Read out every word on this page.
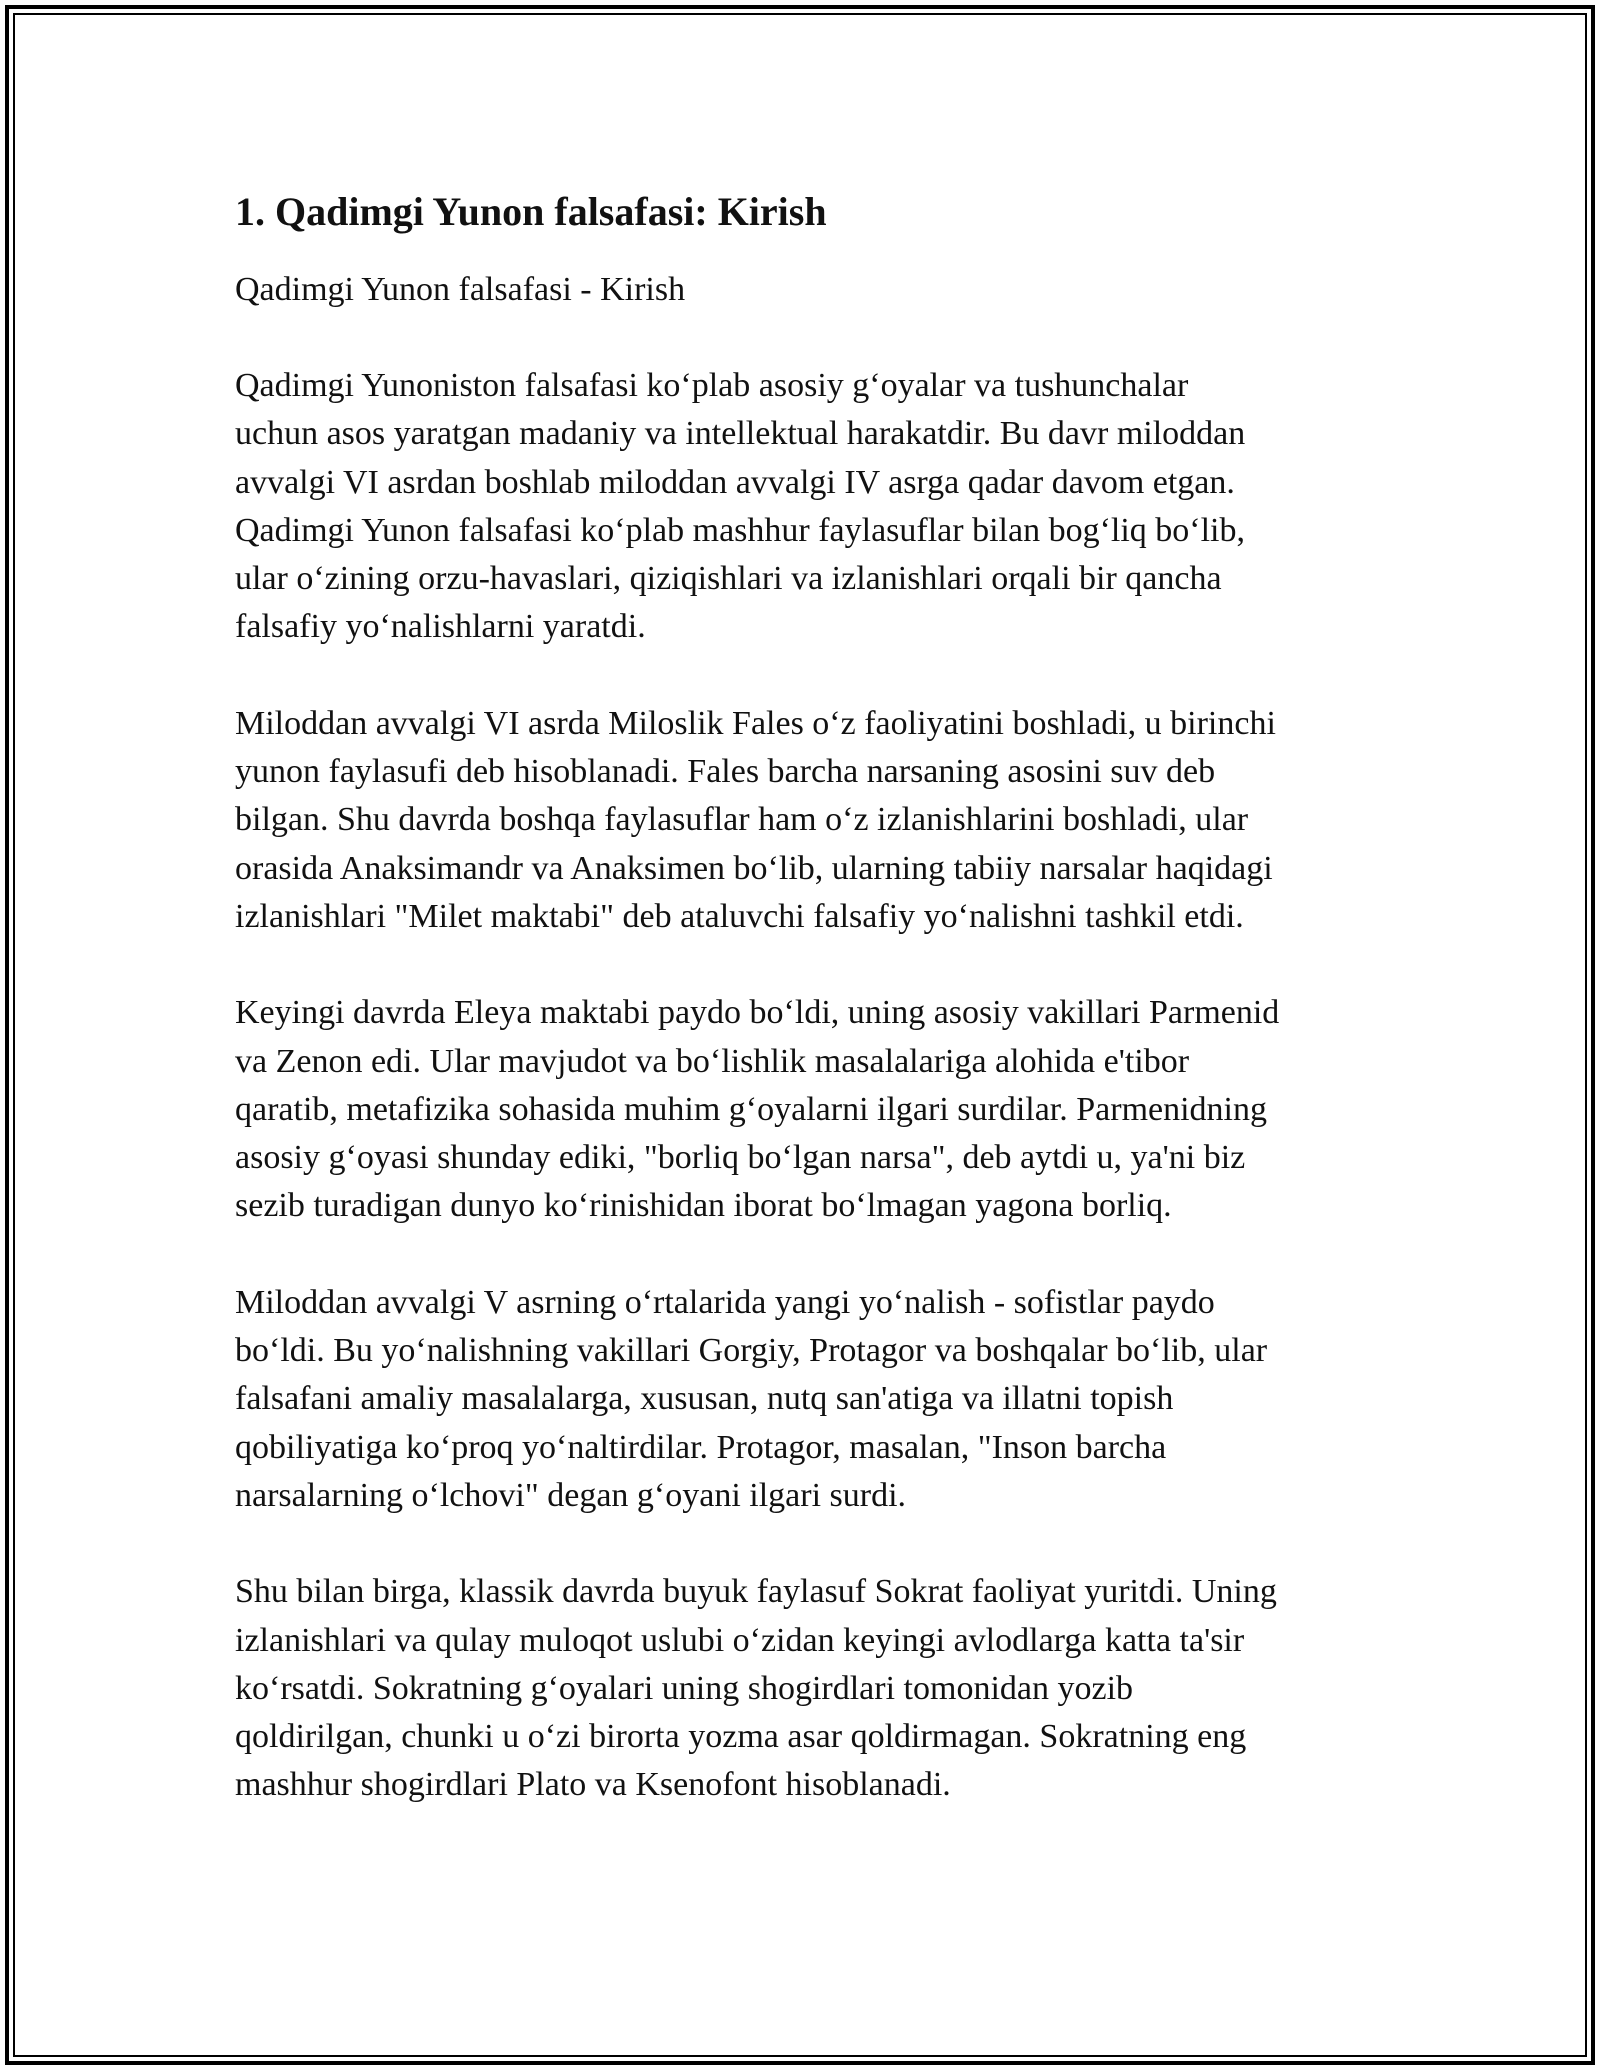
1. Qadimgi Yunon falsafasi: Kirish
Qadimgi Yunon falsafasi - Kirish
Qadimgi Yunoniston falsafasi ko‘plab asosiy g‘oyalar va tushunchalar
uchun asos yaratgan madaniy va intellektual harakatdir. Bu davr miloddan
avvalgi VI asrdan boshlab miloddan avvalgi IV asrga qadar davom etgan.
Qadimgi Yunon falsafasi ko‘plab mashhur faylasuflar bilan bog‘liq bo‘lib,
ular o‘zining orzu-havaslari, qiziqishlari va izlanishlari orqali bir qancha
falsafiy yo‘nalishlarni yaratdi.
Miloddan avvalgi VI asrda Miloslik Fales o‘z faoliyatini boshladi, u birinchi
yunon faylasufi deb hisoblanadi. Fales barcha narsaning asosini suv deb
bilgan. Shu davrda boshqa faylasuflar ham o‘z izlanishlarini boshladi, ular
orasida Anaksimandr va Anaksimen bo‘lib, ularning tabiiy narsalar haqidagi
izlanishlari "Milet maktabi" deb ataluvchi falsafiy yo‘nalishni tashkil etdi.
Keyingi davrda Eleya maktabi paydo bo‘ldi, uning asosiy vakillari Parmenid
va Zenon edi. Ular mavjudot va bo‘lishlik masalalariga alohida e'tibor
qaratib, metafizika sohasida muhim g‘oyalarni ilgari surdilar. Parmenidning
asosiy g‘oyasi shunday ediki, "borliq bo‘lgan narsa", deb aytdi u, ya'ni biz
sezib turadigan dunyo ko‘rinishidan iborat bo‘lmagan yagona borliq.
Miloddan avvalgi V asrning o‘rtalarida yangi yo‘nalish - sofistlar paydo
bo‘ldi. Bu yo‘nalishning vakillari Gorgiy, Protagor va boshqalar bo‘lib, ular
falsafani amaliy masalalarga, xususan, nutq san'atiga va illatni topish
qobiliyatiga ko‘proq yo‘naltirdilar. Protagor, masalan, "Inson barcha
narsalarning o‘lchovi" degan g‘oyani ilgari surdi.
Shu bilan birga, klassik davrda buyuk faylasuf Sokrat faoliyat yuritdi. Uning
izlanishlari va qulay muloqot uslubi o‘zidan keyingi avlodlarga katta ta'sir
ko‘rsatdi. Sokratning g‘oyalari uning shogirdlari tomonidan yozib
qoldirilgan, chunki u o‘zi birorta yozma asar qoldirmagan. Sokratning eng
mashhur shogirdlari Plato va Ksenofont hisoblanadi.
